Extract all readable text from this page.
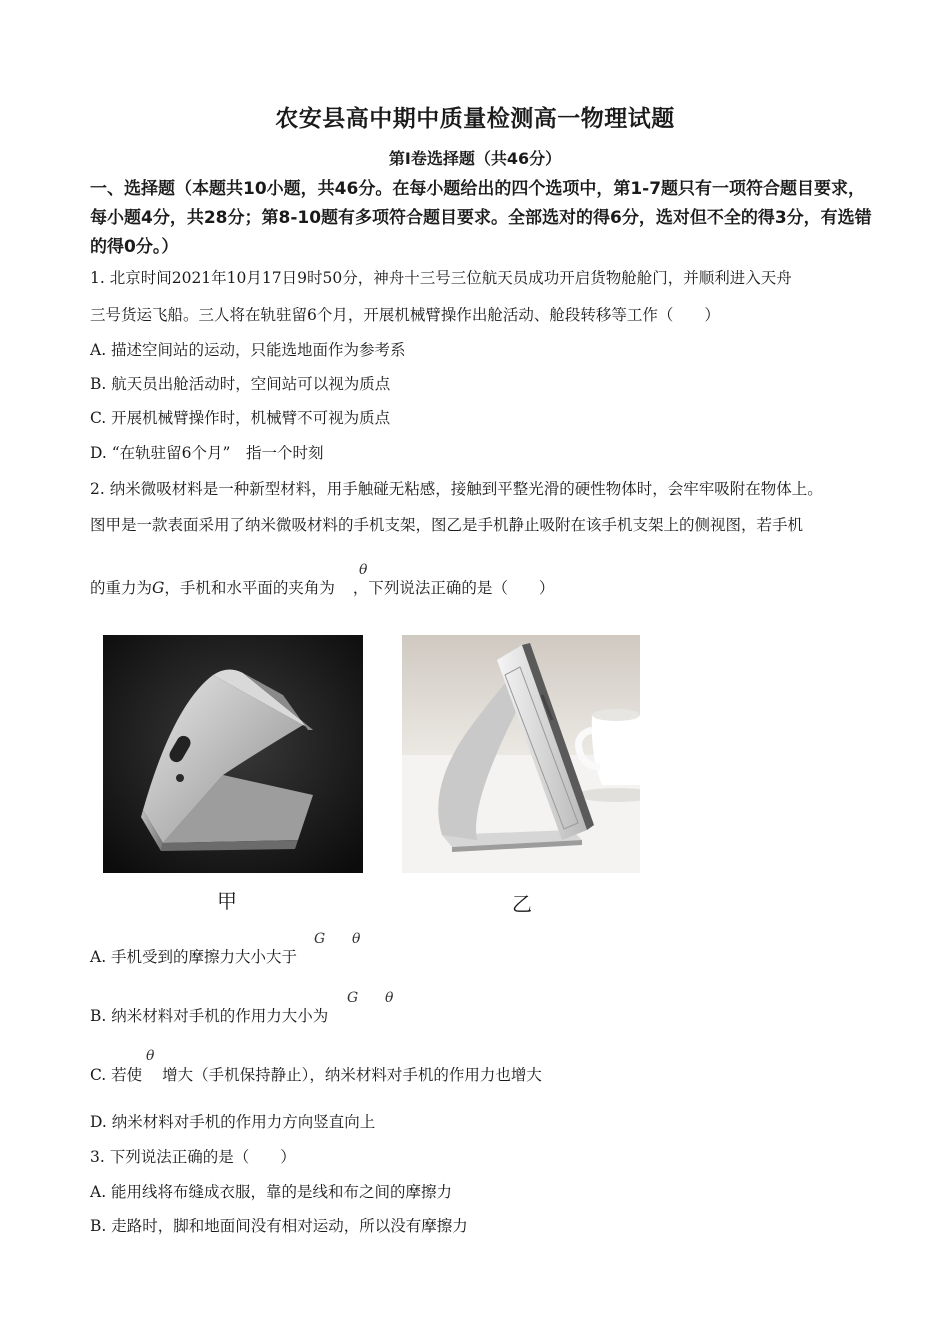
农安县高中期中质量检测高一物理试题
第Ⅰ卷选择题（共46分）
一、选择题（本题共10小题，共46分。在每小题给出的四个选项中，第1-7题只有一项符合题目要求，每小题4分，共28分；第8-10题有多项符合题目要求。全部选对的得6分，选对但不全的得3分，有选错的得0分。）
1. 北京时间2021年10月17日9时50分，神舟十三号三位航天员成功开启货物舱舱门，并顺利进入天舟
三号货运飞船。三人将在轨驻留6个月，开展机械臂操作出舱活动、舱段转移等工作（　　）
A. 描述空间站的运动，只能选地面作为参考系
B. 航天员出舱活动时，空间站可以视为质点
C. 开展机械臂操作时，机械臂不可视为质点
D. “在轨驻留6个月”　指一个时刻
2. 纳米微吸材料是一种新型材料，用手触碰无粘感，接触到平整光滑的硬性物体时，会牢牢吸附在物体上。
图甲是一款表面采用了纳米微吸材料的手机支架，图乙是手机静止吸附在该手机支架上的侧视图，若手机
的重力为G，手机和水平面的夹角为 ，下列说法正确的是（　　）
θ
甲	乙
A. 手机受到的摩擦力大小大于
G θ
B. 纳米材料对手机的作用力大小为
G θ
C. 若使 增大（手机保持静止），纳米材料对手机的作用力也增大
θ
D. 纳米材料对手机的作用力方向竖直向上
3. 下列说法正确的是（　　）
A. 能用线将布缝成衣服，靠的是线和布之间的摩擦力
B. 走路时，脚和地面间没有相对运动，所以没有摩擦力
